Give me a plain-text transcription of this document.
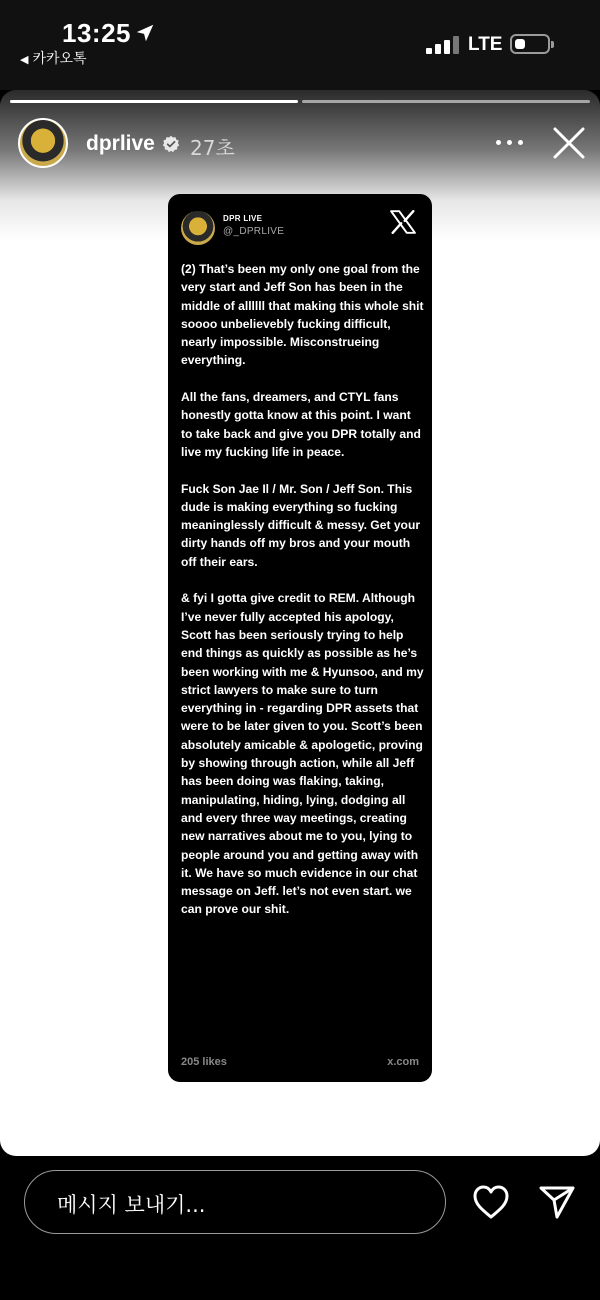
13:25
◀ 카카오톡
LTE
dprlive 27초
DPR LIVE
@_DPRLIVE

(2) That’s been my only one goal from the very start and Jeff Son has been in the middle of allllll that making this whole shit soooo unbelievebly fucking difficult, nearly impossible. Misconstrueing everything.

All the fans, dreamers, and CTYL fans honestly gotta know at this point. I want to take back and give you DPR totally and live my fucking life in peace.

Fuck Son Jae Il / Mr. Son / Jeff Son. This dude is making everything so fucking meaninglessly difficult & messy. Get your dirty hands off my bros and your mouth off their ears.

& fyi I gotta give credit to REM. Although I’ve never fully accepted his apology, Scott has been seriously trying to help end things as quickly as possible as he’s been working with me & Hyunsoo, and my strict lawyers to make sure to turn everything in - regarding DPR assets that were to be later given to you. Scott’s been absolutely amicable & apologetic, proving by showing through action, while all Jeff has been doing was flaking, taking, manipulating, hiding, lying, dodging all and every three way meetings, creating new narratives about me to you, lying to people around you and getting away with it. We have so much evidence in our chat message on Jeff. let’s not even start. we can prove our shit.

205 likes	x.com
메시지 보내기...
